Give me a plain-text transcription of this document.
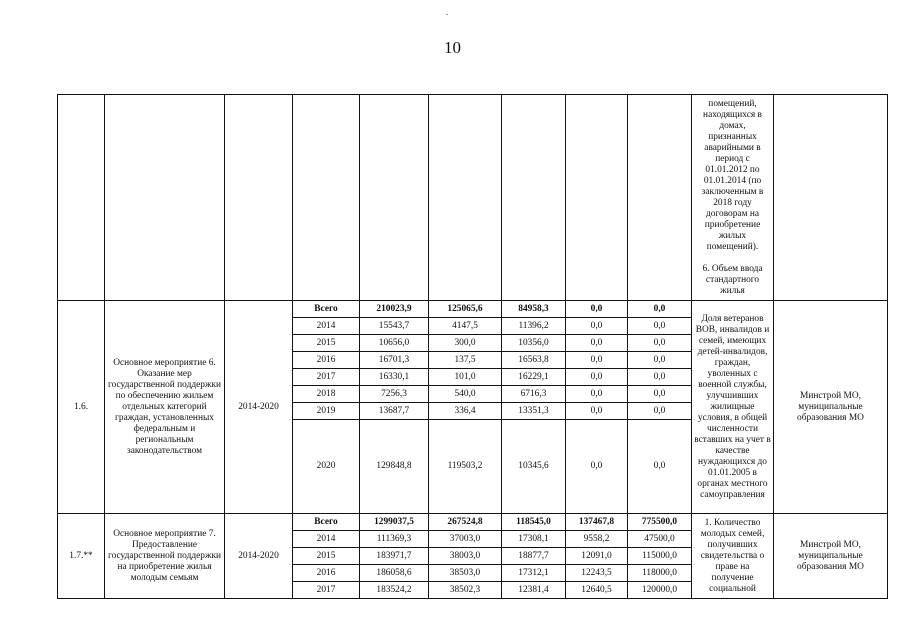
10

									помещений, находящихся в домах, признанных аварийными в период с 01.01.2012 по 01.01.2014 (по заключенным в 2018 году договорам на приобретение жилых помещений).
6. Объем ввода стандартного жилья	

1.6.	Основное мероприятие 6. Оказание мер государственной поддержки по обеспечению жильем отдельных категорий граждан, установленных федеральным и региональным законодательством	2014-2020	Всего	210023,9	125065,6	84958,3	0,0	0,0	Доля ветеранов ВОВ, инвалидов и семей, имеющих детей-инвалидов, граждан, уволенных с военной службы, улучшивших жилищные условия, в общей численности вставших на учет в качестве нуждающихся до 01.01.2005 в органах местного самоуправления	Минстрой МО, муниципальные образования МО
			2014	15543,7	4147,5	11396,2	0,0	0,0		
			2015	10656,0	300,0	10356,0	0,0	0,0		
			2016	16701,3	137,5	16563,8	0,0	0,0		
			2017	16330,1	101,0	16229,1	0,0	0,0		
			2018	7256,3	540,0	6716,3	0,0	0,0		
			2019	13687,7	336,4	13351,3	0,0	0,0		
			2020	129848,8	119503,2	10345,6	0,0	0,0		
1.7.**	Основное мероприятие 7. Предоставление государственной поддержки на приобретение жилья молодым семьям	2014-2020	Всего	1299037,5	267524,8	118545,0	137467,8	775500,0	1. Количество молодых семей, получивших свидетельства о праве на получение социальной	Минстрой МО, муниципальные образования МО
			2014	111369,3	37003,0	17308,1	9558,2	47500,0		
			2015	183971,7	38003,0	18877,7	12091,0	115000,0		
			2016	186058,6	38503,0	17312,1	12243,5	118000,0		
			2017	183524,2	38502,3	12381,4	12640,5	120000,0		
